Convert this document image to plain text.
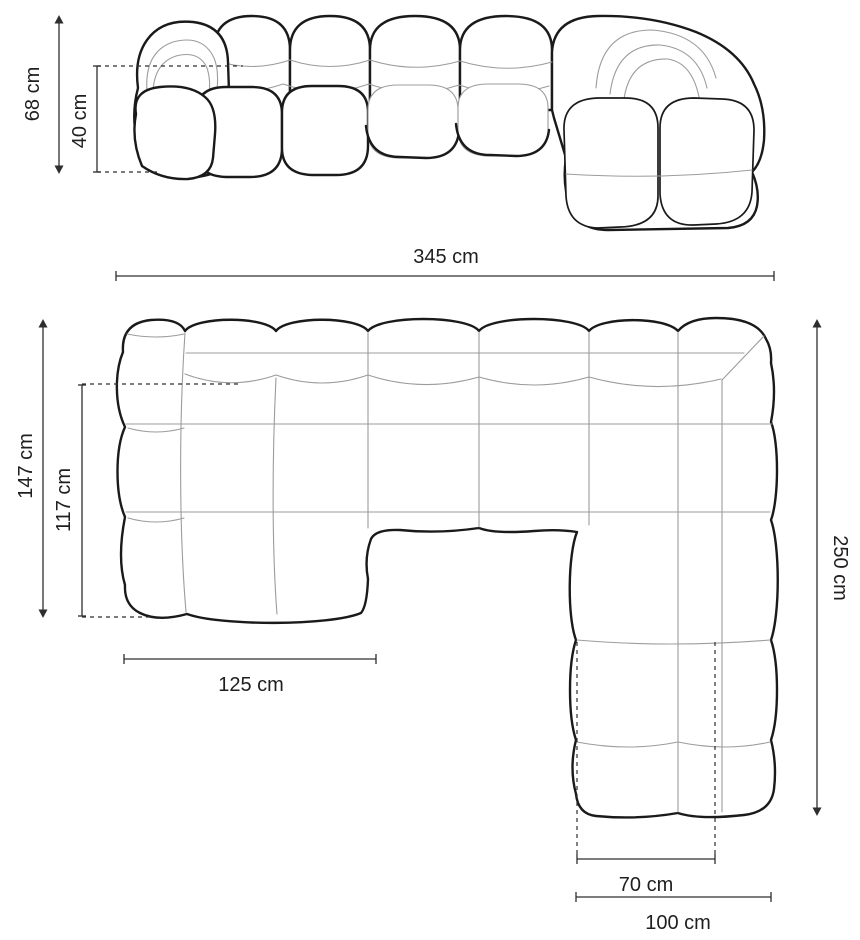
68 cm 40 cm
345 cm
147 cm
117 cm
125 cm
250 cm
70 cm
100 cm
